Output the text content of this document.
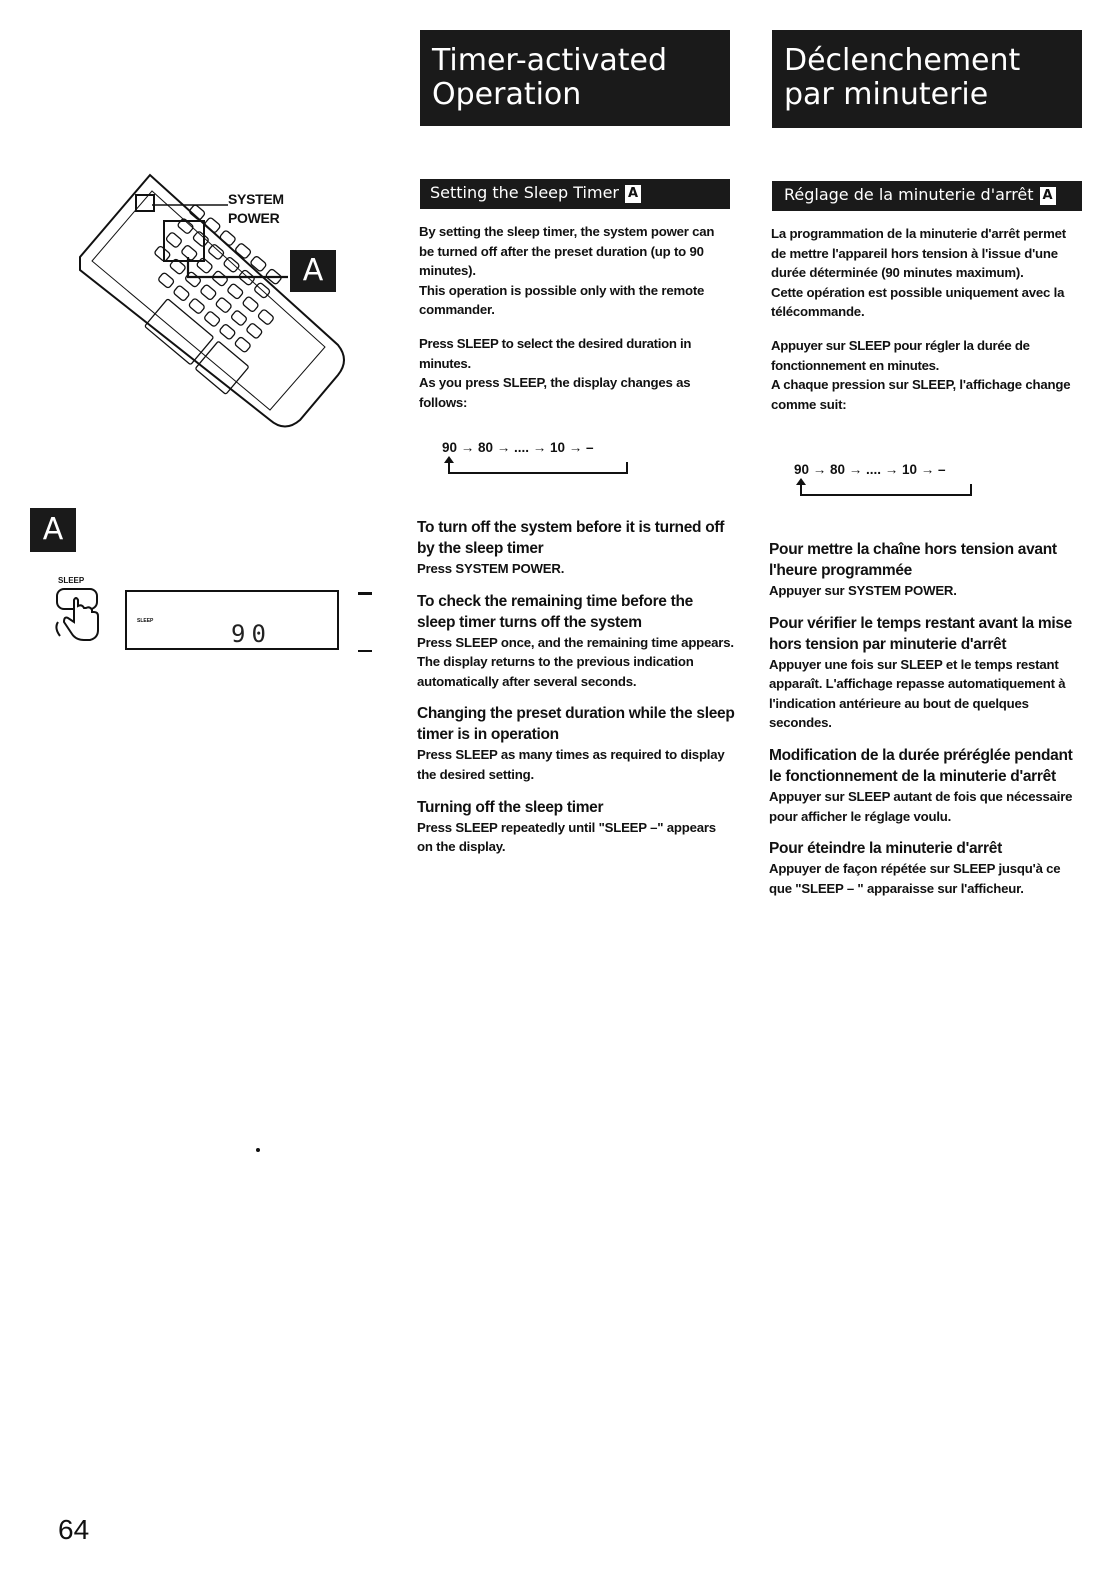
SYSTEM
POWER
A
A
SLEEP
SLEEP	90
64
Timer-activated
Operation
Setting the Sleep Timer A

By setting the sleep timer, the system power can be turned off after the preset duration (up to 90 minutes).

This operation is possible only with the remote commander.

Press SLEEP to select the desired duration in minutes.

As you press SLEEP, the display changes as follows:

90 → 80 → .... → 10 → –

To turn off the system before it is turned off by the sleep timer

Press SYSTEM POWER.

To check the remaining time before the sleep timer turns off the system

Press SLEEP once, and the remaining time appears. The display returns to the previous indication automatically after several seconds.

Changing the preset duration while the sleep timer is in operation

Press SLEEP as many times as required to display the desired setting.

Turning off the sleep timer

Press SLEEP repeatedly until "SLEEP –" appears on the display.

Déclenchement
par minuterie
Réglage de la minuterie d'arrêt A

La programmation de la minuterie d'arrêt permet de mettre l'appareil hors tension à l'issue d'une durée déterminée (90 minutes maximum).

Cette opération est possible uniquement avec la télécommande.

Appuyer sur SLEEP pour régler la durée de fonctionnement en minutes.

A chaque pression sur SLEEP, l'affichage change comme suit:

90 → 80 → .... → 10 → –

Pour mettre la chaîne hors tension avant l'heure programmée

Appuyer sur SYSTEM POWER.

Pour vérifier le temps restant avant la mise hors tension par minuterie d'arrêt

Appuyer une fois sur SLEEP et le temps restant apparaît. L'affichage repasse automatiquement à l'indication antérieure au bout de quelques secondes.

Modification de la durée préréglée pendant le fonctionnement de la minuterie d'arrêt

Appuyer sur SLEEP autant de fois que nécessaire pour afficher le réglage voulu.

Pour éteindre la minuterie d'arrêt

Appuyer de façon répétée sur SLEEP jusqu'à ce que "SLEEP – " apparaisse sur l'afficheur.
